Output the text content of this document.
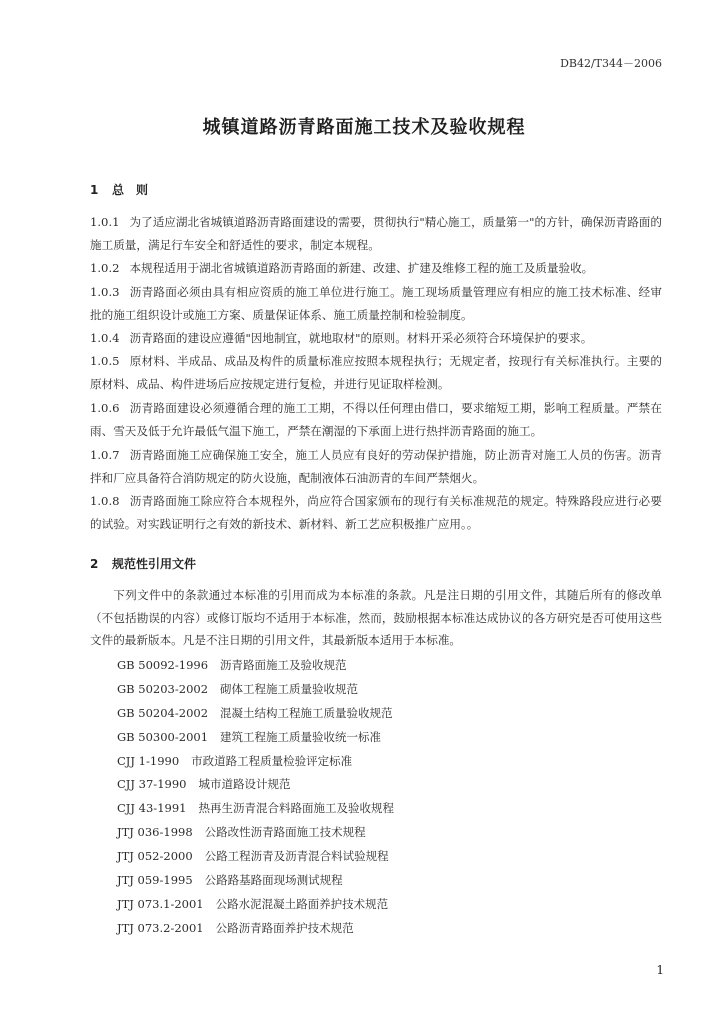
DB42/T344－2006
城镇道路沥青路面施工技术及验收规程
1 总　则
1.0.1 为了适应湖北省城镇道路沥青路面建设的需要，贯彻执行"精心施工，质量第一"的方针，确保沥青路面的施工质量，满足行车安全和舒适性的要求，制定本规程。
1.0.2 本规程适用于湖北省城镇道路沥青路面的新建、改建、扩建及维修工程的施工及质量验收。
1.0.3 沥青路面必须由具有相应资质的施工单位进行施工。施工现场质量管理应有相应的施工技术标准、经审批的施工组织设计或施工方案、质量保证体系、施工质量控制和检验制度。
1.0.4 沥青路面的建设应遵循"因地制宜，就地取材"的原则。材料开采必须符合环境保护的要求。
1.0.5 原材料、半成品、成品及构件的质量标准应按照本规程执行；无规定者，按现行有关标准执行。主要的原材料、成品、构件进场后应按规定进行复检，并进行见证取样检测。
1.0.6 沥青路面建设必须遵循合理的施工工期，不得以任何理由借口，要求缩短工期，影响工程质量。严禁在雨、雪天及低于允许最低气温下施工，严禁在潮湿的下承面上进行热拌沥青路面的施工。
1.0.7 沥青路面施工应确保施工安全，施工人员应有良好的劳动保护措施，防止沥青对施工人员的伤害。沥青拌和厂应具备符合消防规定的防火设施，配制液体石油沥青的车间严禁烟火。
1.0.8 沥青路面施工除应符合本规程外，尚应符合国家颁布的现行有关标准规范的规定。特殊路段应进行必要的试验。对实践证明行之有效的新技术、新材料、新工艺应积极推广应用。。
2 规范性引用文件
下列文件中的条款通过本标准的引用而成为本标准的条款。凡是注日期的引用文件，其随后所有的修改单（不包括勘误的内容）或修订版均不适用于本标准，然而，鼓励根据本标准达成协议的各方研究是否可使用这些文件的最新版本。凡是不注日期的引用文件，其最新版本适用于本标准。
GB 50092-1996 沥青路面施工及验收规范
GB 50203-2002 砌体工程施工质量验收规范
GB 50204-2002 混凝土结构工程施工质量验收规范
GB 50300-2001 建筑工程施工质量验收统一标准
CJJ 1-1990 市政道路工程质量检验评定标准
CJJ 37-1990 城市道路设计规范
CJJ 43-1991 热再生沥青混合料路面施工及验收规程
JTJ 036-1998 公路改性沥青路面施工技术规程
JTJ 052-2000 公路工程沥青及沥青混合料试验规程
JTJ 059-1995 公路路基路面现场测试规程
JTJ 073.1-2001 公路水泥混凝土路面养护技术规范
JTJ 073.2-2001 公路沥青路面养护技术规范
1
